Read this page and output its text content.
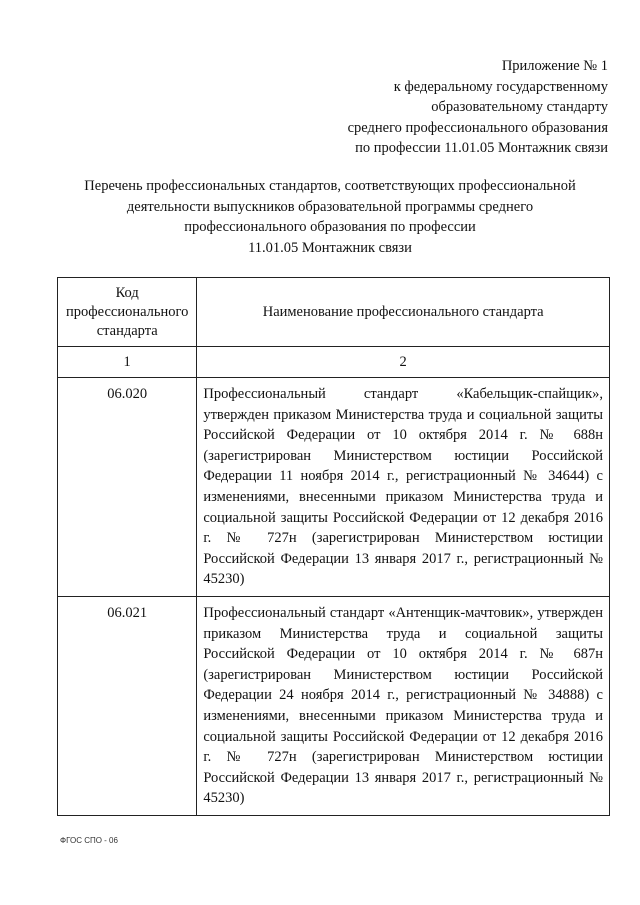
Приложение № 1
к федеральному государственному
образовательному стандарту
среднего профессионального образования
по профессии 11.01.05 Монтажник связи
Перечень профессиональных стандартов, соответствующих профессиональной
деятельности выпускников образовательной программы среднего
профессионального образования по профессии
11.01.05 Монтажник связи
Код профессионального стандарта	Наименование профессионального стандарта
1	2
06.020	Профессиональный стандарт «Кабельщик-спайщик», утвержден приказом Министерства труда и социальной защиты Российской Федерации от 10 октября 2014 г. № 688н (зарегистрирован Министерством юстиции Российской Федерации 11 ноября 2014 г., регистрационный № 34644) с изменениями, внесенными приказом Министерства труда и социальной защиты Российской Федерации от 12 декабря 2016 г. № 727н (зарегистрирован Министерством юстиции Российской Федерации 13 января 2017 г., регистрационный № 45230)
06.021	Профессиональный стандарт «Антенщик-мачтовик», утвержден приказом Министерства труда и социальной защиты Российской Федерации от 10 октября 2014 г. № 687н (зарегистрирован Министерством юстиции Российской Федерации 24 ноября 2014 г., регистрационный № 34888) с изменениями, внесенными приказом Министерства труда и социальной защиты Российской Федерации от 12 декабря 2016 г. № 727н (зарегистрирован Министерством юстиции Российской Федерации 13 января 2017 г., регистрационный № 45230)
ФГОС СПО - 06
